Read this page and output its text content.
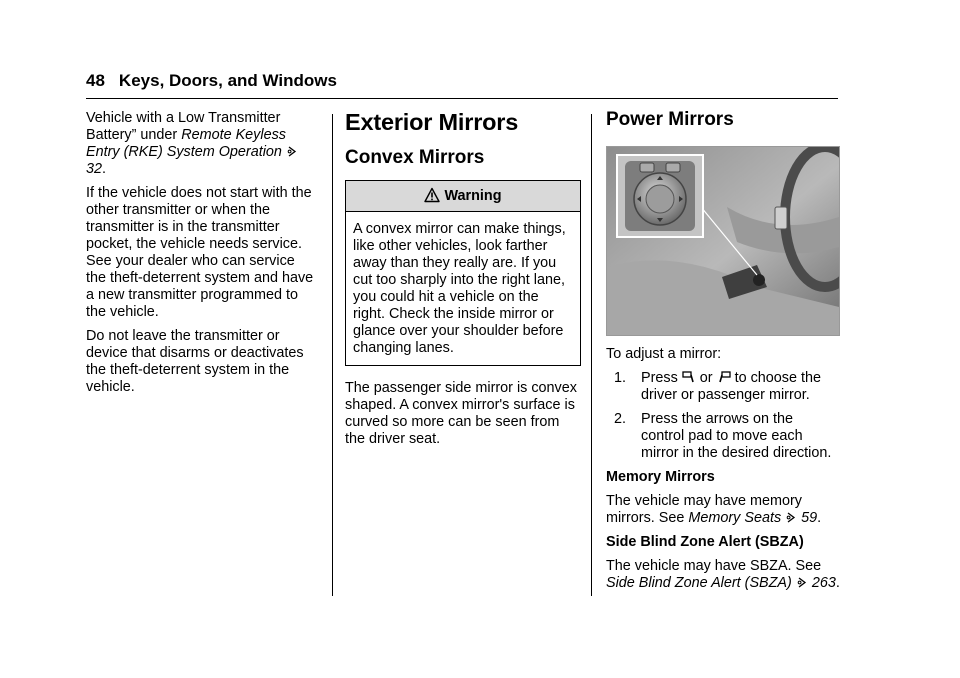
48 Keys, Doors, and Windows

Vehicle with a Low Transmitter Battery” under Remote Keyless Entry (RKE) System Operation  32.

If the vehicle does not start with the other transmitter or when the transmitter is in the transmitter pocket, the vehicle needs service. See your dealer who can service the theft-deterrent system and have a new transmitter programmed to the vehicle.

Do not leave the transmitter or device that disarms or deactivates the theft-deterrent system in the vehicle.

Exterior Mirrors
Convex Mirrors
Warning
A convex mirror can make things, like other vehicles, look farther away than they really are. If you cut too sharply into the right lane, you could hit a vehicle on the right. Check the inside mirror or glance over your shoulder before changing lanes.

The passenger side mirror is convex shaped. A convex mirror's surface is curved so more can be seen from the driver seat.

Power Mirrors

To adjust a mirror:

1. Press or to choose the driver or passenger mirror.
2. Press the arrows on the control pad to move each mirror in the desired direction.

Memory Mirrors

The vehicle may have memory mirrors. See Memory Seats 59.

Side Blind Zone Alert (SBZA)

The vehicle may have SBZA. See Side Blind Zone Alert (SBZA) 263.
